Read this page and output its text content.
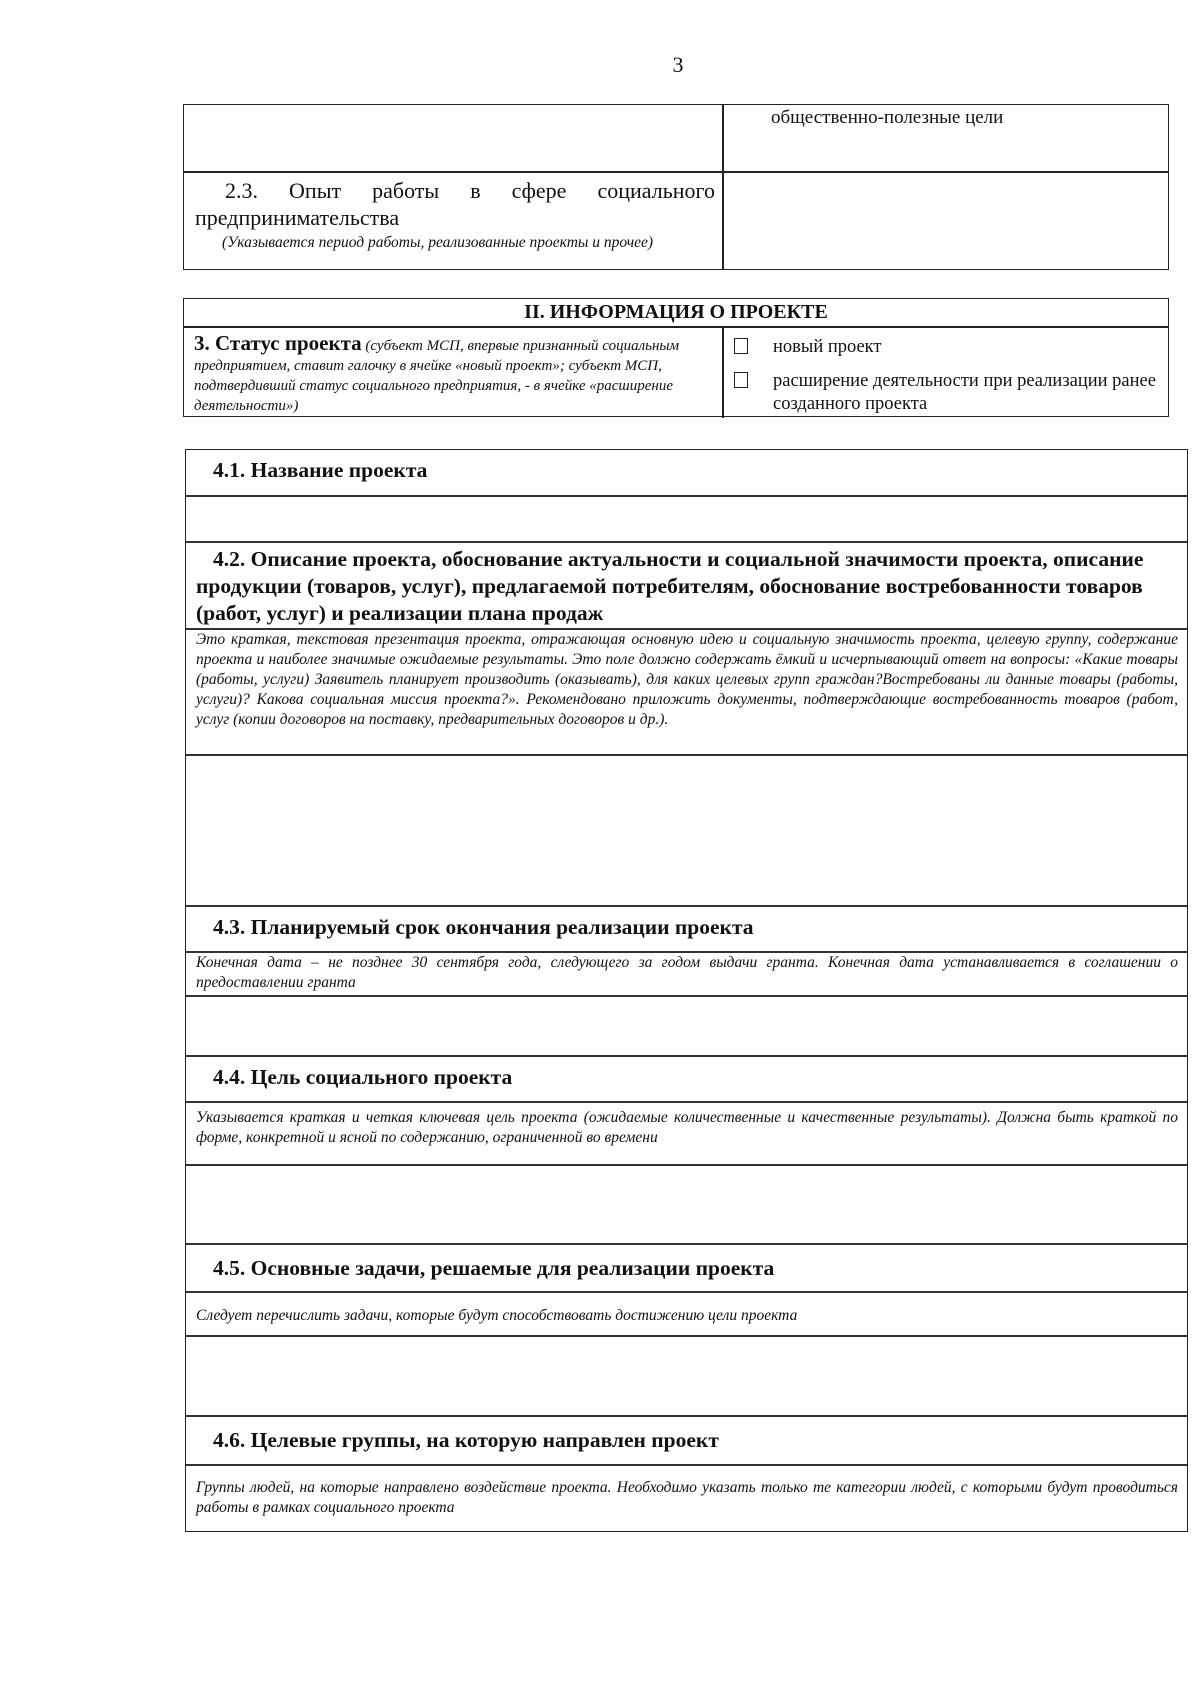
3
общественно-полезные цели
2.3. Опыт работы в сфере социального предпринимательства
(Указывается период работы, реализованные проекты и прочее)
II. ИНФОРМАЦИЯ О ПРОЕКТЕ
3. Статус проекта (субъект МСП, впервые признанный социальным предприятием, ставит галочку в ячейке «новый проект»; субъект МСП, подтвердивший статус социального предприятия, - в ячейке «расширение деятельности»)
новый проект
расширение деятельности при реализации ранее созданного проекта
4.1. Название проекта
4.2. Описание проекта, обоснование актуальности и социальной значимости проекта, описание продукции (товаров, услуг), предлагаемой потребителям, обоснование востребованности товаров (работ, услуг) и реализации плана продаж
Это краткая, текстовая презентация проекта, отражающая основную идею и социальную значимость проекта, целевую группу, содержание проекта и наиболее значимые ожидаемые результаты. Это поле должно содержать ёмкий и исчерпывающий ответ на вопросы: «Какие товары (работы, услуги) Заявитель планирует производить (оказывать), для каких целевых групп граждан?Востребованы ли данные товары (работы, услуги)? Какова социальная миссия проекта?». Рекомендовано приложить документы, подтверждающие востребованность товаров (работ, услуг (копии договоров на поставку, предварительных договоров и др.).
4.3. Планируемый срок окончания реализации проекта
Конечная дата – не позднее 30 сентября года, следующего за годом выдачи гранта. Конечная дата устанавливается в соглашении о предоставлении гранта
4.4. Цель социального проекта
Указывается краткая и четкая ключевая цель проекта (ожидаемые количественные и качественные результаты). Должна быть краткой по форме, конкретной и ясной по содержанию, ограниченной во времени
4.5. Основные задачи, решаемые для реализации проекта
Следует перечислить задачи, которые будут способствовать достижению цели проекта
4.6. Целевые группы, на которую направлен проект
Группы людей, на которые направлено воздействие проекта. Необходимо указать только те категории людей, с которыми будут проводиться работы в рамках социального проекта
